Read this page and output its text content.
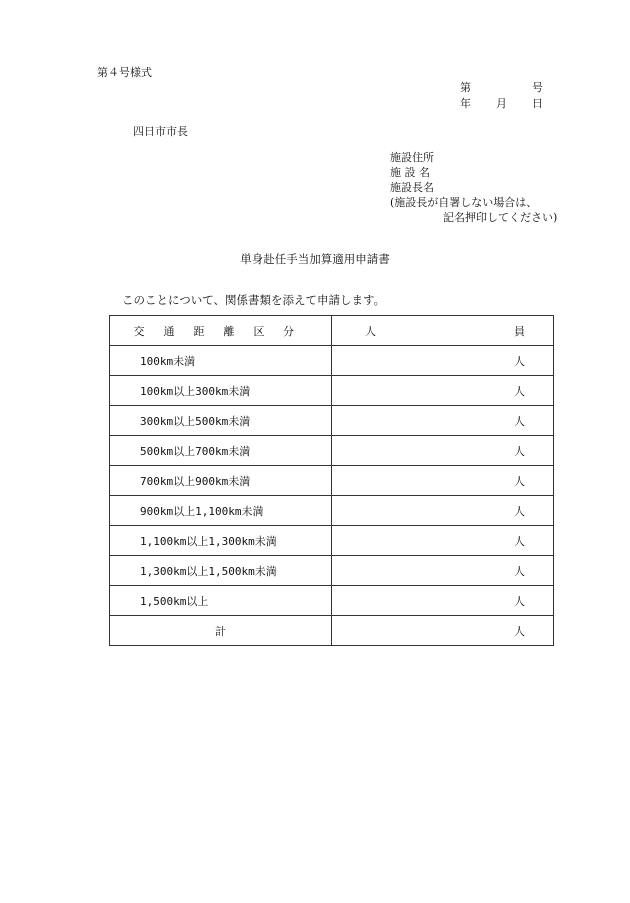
第４号様式
第	号
年 月 日
四日市市長
施設住所
施 設 名
施設長名
(施設長が自署しない場合は、
記名押印してください)
単身赴任手当加算適用申請書
このことについて、関係書類を添えて申請します。
交 通 距 離 区 分	人 員

100km未満	人
100km以上300km未満	人
300km以上500km未満	人
500km以上700km未満	人
700km以上900km未満	人
900km以上1,100km未満	人
1,100km以上1,300km未満	人
1,300km以上1,500km未満	人
1,500km以上	人
計	人
